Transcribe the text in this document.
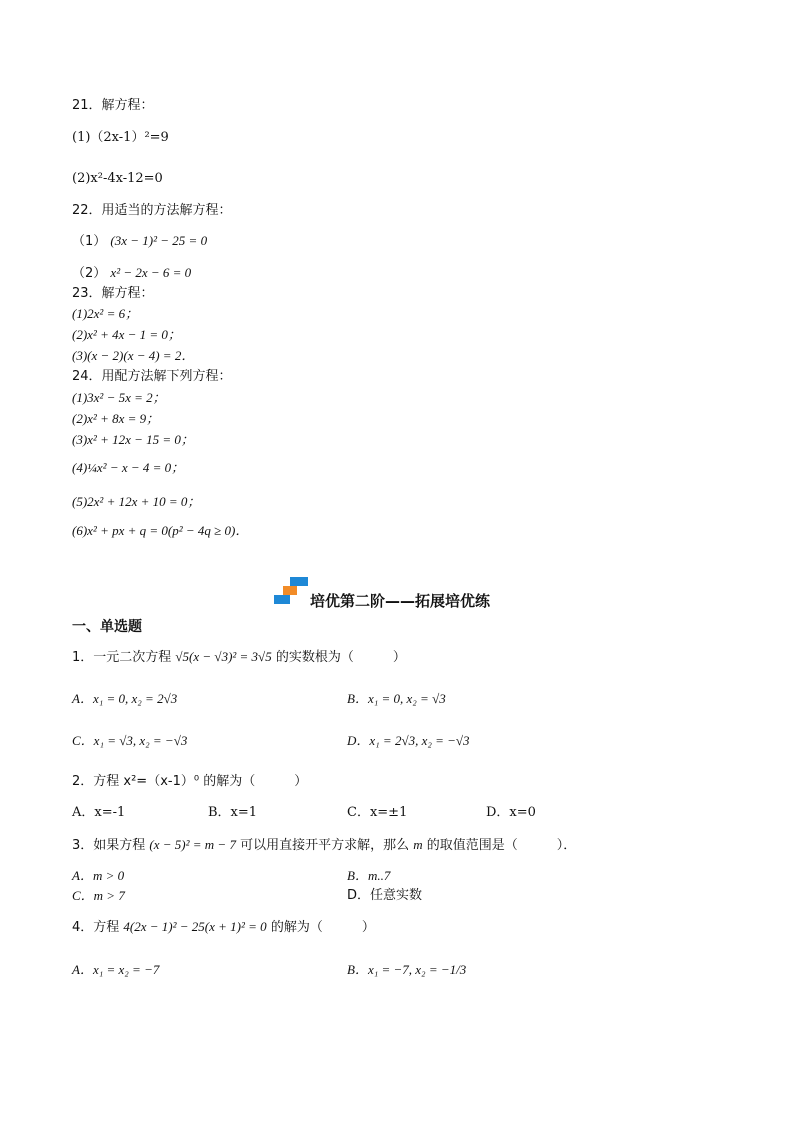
21．解方程：
(1)（2x-1）²=9
(2)x²-4x-12=0
22．用适当的方法解方程：
（1） (3x − 1)² − 25 = 0
（2） x² − 2x − 6 = 0
23．解方程：
(1)2x² = 6；
(2)x² + 4x − 1 = 0；
(3)(x − 2)(x − 4) = 2．
24．用配方法解下列方程：
(1)3x² − 5x = 2；
(2)x² + 8x = 9；
(3)x² + 12x − 15 = 0；
(4)¼x² − x − 4 = 0；
(5)2x² + 12x + 10 = 0；
(6)x² + px + q = 0(p² − 4q ≥ 0)．
培优第二阶——拓展培优练
一、单选题
1．一元二次方程 √5(x − √3)² = 3√5 的实数根为（　　　）
A．x₁ = 0, x₂ = 2√3	B．x₁ = 0, x₂ = √3
C．x₁ = √3, x₂ = −√3	D．x₁ = 2√3, x₂ = −√3
2．方程 x²=（x-1）⁰ 的解为（　　　）
A．x=-1	B．x=1	C．x=±1	D．x=0
3．如果方程 (x − 5)² = m − 7 可以用直接开平方求解，那么 m 的取值范围是（　　　）．
A．m > 0	B．m..7
C．m > 7	D．任意实数
4．方程 4(2x − 1)² − 25(x + 1)² = 0 的解为（　　　）
A．x₁ = x₂ = −7	B．x₁ = −7, x₂ = −1/3
